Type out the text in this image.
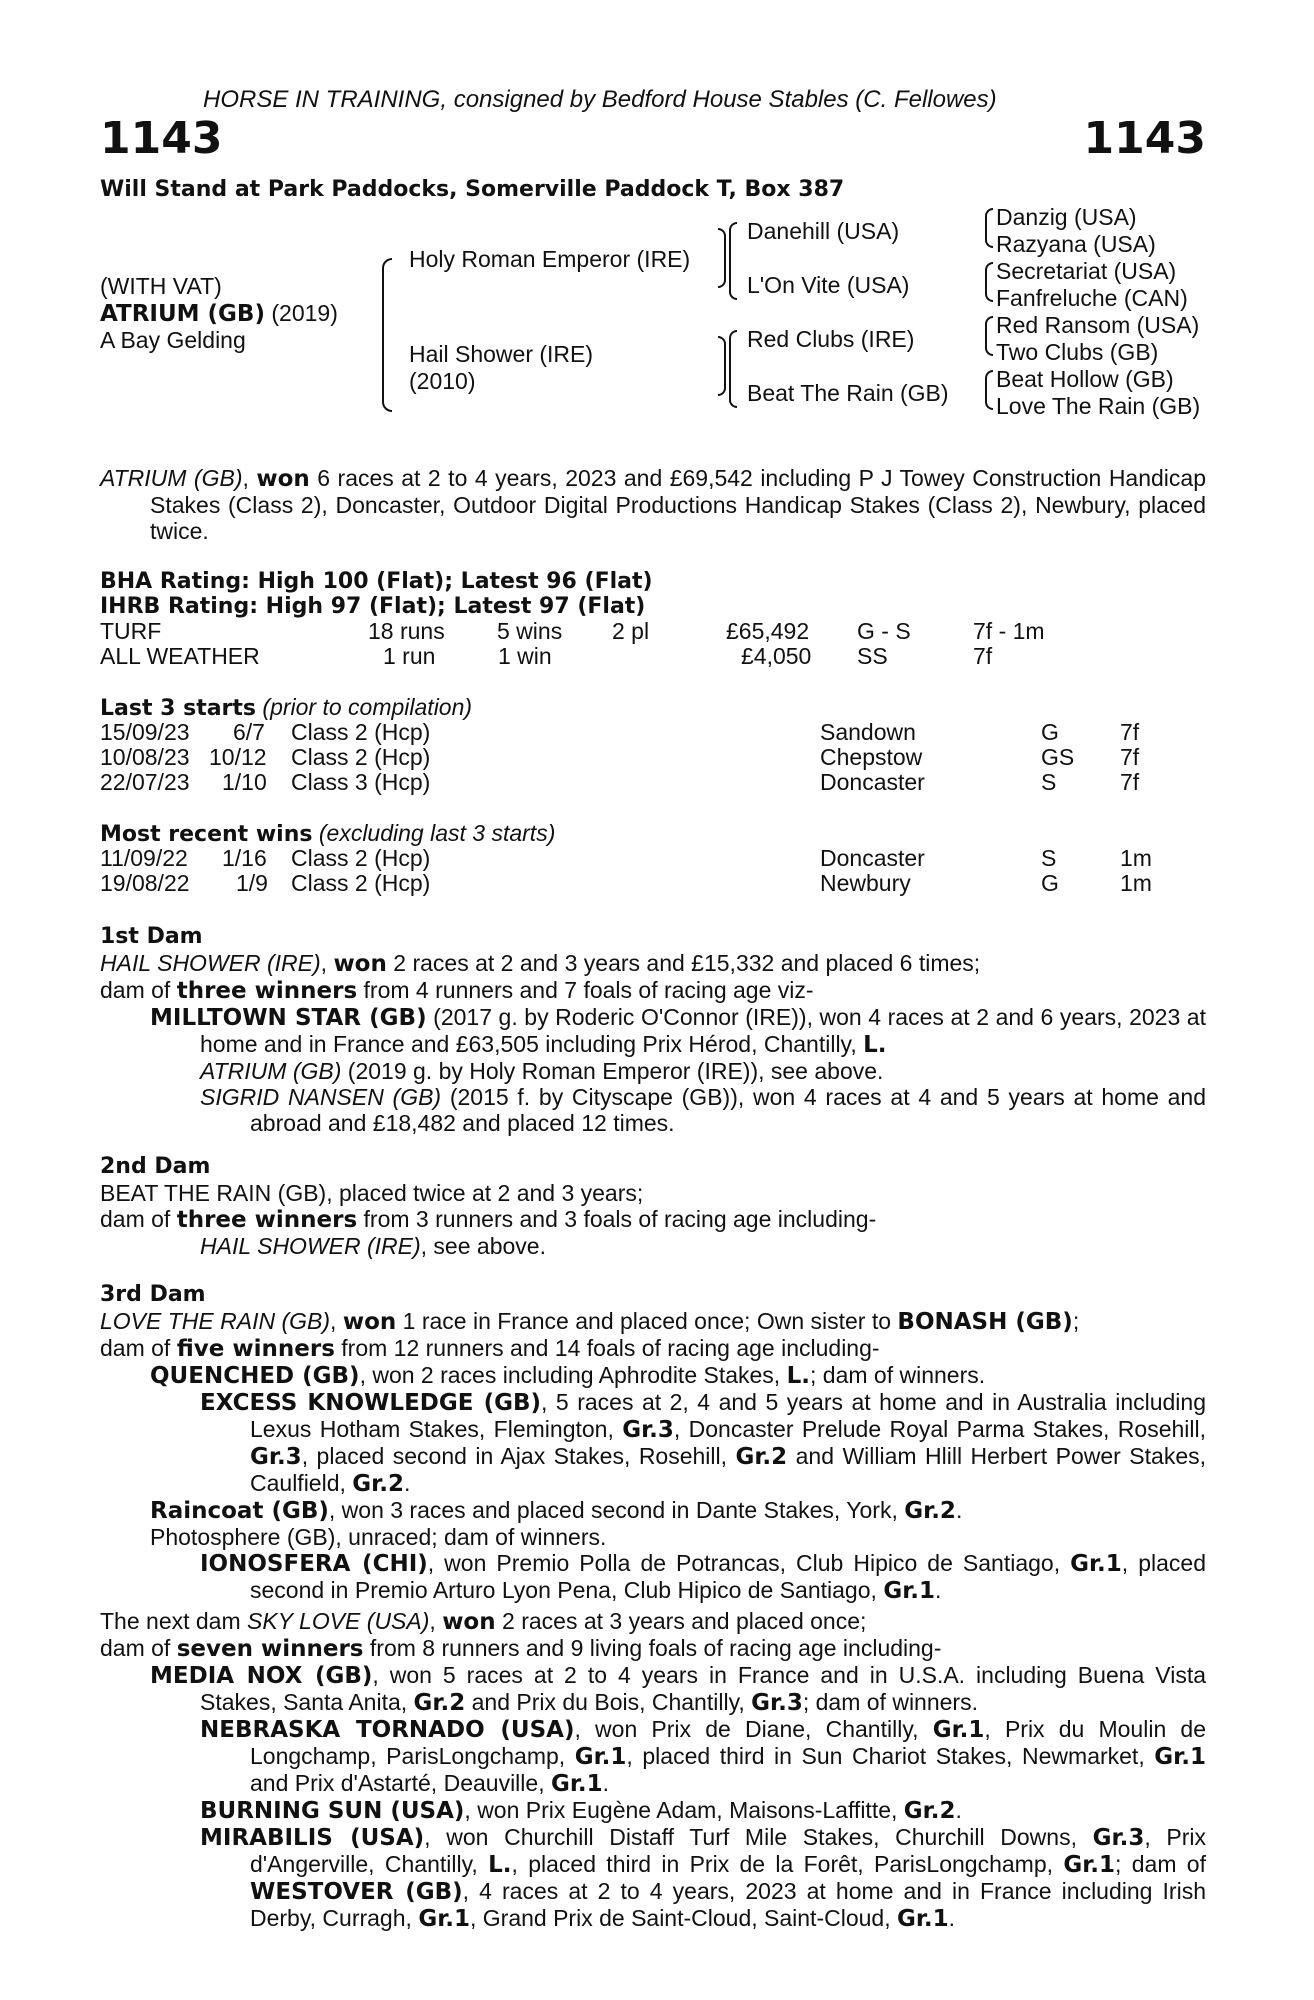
HORSE IN TRAINING, consigned by Bedford House Stables (C. Fellowes)
1143	1143
Will Stand at Park Paddocks, Somerville Paddock T, Box 387
(WITH VAT)
ATRIUM (GB) (2019)
A Bay Gelding
Holy Roman Emperor (IRE)
Hail Shower (IRE)
(2010)
Danehill (USA)
L'On Vite (USA)
Red Clubs (IRE)
Beat The Rain (GB)
Danzig (USA)
Razyana (USA)
Secretariat (USA)
Fanfreluche (CAN)
Red Ransom (USA)
Two Clubs (GB)
Beat Hollow (GB)
Love The Rain (GB)

ATRIUM (GB), won 6 races at 2 to 4 years, 2023 and £69,542 including P J Towey Construction Handicap Stakes (Class 2), Doncaster, Outdoor Digital Productions Handicap Stakes (Class 2), Newbury, placed twice.

BHA Rating: High 100 (Flat); Latest 96 (Flat)
IHRB Rating: High 97 (Flat); Latest 97 (Flat)
TURF	18 runs 5 wins 2 pl	£65,492 G - S	7f - 1m
ALL WEATHER	1 run	1 win	£4,050 SS	7f
Last 3 starts (prior to compilation)
15/09/23 6/7 Class 2 (Hcp)	Sandown	G	7f
10/08/23 10/12 Class 2 (Hcp)	Chepstow	GS 7f
22/07/23 1/10 Class 3 (Hcp)	Doncaster	S	7f
Most recent wins (excluding last 3 starts)
11/09/22 1/16 Class 2 (Hcp)	Doncaster	S	1m
19/08/22 1/9 Class 2 (Hcp)	Newbury	G	1m

1st Dam

HAIL SHOWER (IRE), won 2 races at 2 and 3 years and £15,332 and placed 6 times;

dam of three winners from 4 runners and 7 foals of racing age viz-

MILLTOWN STAR (GB) (2017 g. by Roderic O'Connor (IRE)), won 4 races at 2 and 6 years, 2023 at home and in France and £63,505 including Prix Hérod, Chantilly, L.

ATRIUM (GB) (2019 g. by Holy Roman Emperor (IRE)), see above.

SIGRID NANSEN (GB) (2015 f. by Cityscape (GB)), won 4 races at 4 and 5 years at home and abroad and £18,482 and placed 12 times.

2nd Dam

BEAT THE RAIN (GB), placed twice at 2 and 3 years;

dam of three winners from 3 runners and 3 foals of racing age including-

HAIL SHOWER (IRE), see above.

3rd Dam

LOVE THE RAIN (GB), won 1 race in France and placed once; Own sister to BONASH (GB);

dam of five winners from 12 runners and 14 foals of racing age including-

QUENCHED (GB), won 2 races including Aphrodite Stakes, L.; dam of winners.

EXCESS KNOWLEDGE (GB), 5 races at 2, 4 and 5 years at home and in Australia including Lexus Hotham Stakes, Flemington, Gr.3, Doncaster Prelude Royal Parma Stakes, Rosehill, Gr.3, placed second in Ajax Stakes, Rosehill, Gr.2 and William Hlill Herbert Power Stakes, Caulfield, Gr.2.

Raincoat (GB), won 3 races and placed second in Dante Stakes, York, Gr.2.

Photosphere (GB), unraced; dam of winners.

IONOSFERA (CHI), won Premio Polla de Potrancas, Club Hipico de Santiago, Gr.1, placed second in Premio Arturo Lyon Pena, Club Hipico de Santiago, Gr.1.

The next dam SKY LOVE (USA), won 2 races at 3 years and placed once;

dam of seven winners from 8 runners and 9 living foals of racing age including-

MEDIA NOX (GB), won 5 races at 2 to 4 years in France and in U.S.A. including Buena Vista Stakes, Santa Anita, Gr.2 and Prix du Bois, Chantilly, Gr.3; dam of winners.

NEBRASKA TORNADO (USA), won Prix de Diane, Chantilly, Gr.1, Prix du Moulin de Longchamp, ParisLongchamp, Gr.1, placed third in Sun Chariot Stakes, Newmarket, Gr.1 and Prix d'Astarté, Deauville, Gr.1.

BURNING SUN (USA), won Prix Eugène Adam, Maisons-Laffitte, Gr.2.

MIRABILIS (USA), won Churchill Distaff Turf Mile Stakes, Churchill Downs, Gr.3, Prix d'Angerville, Chantilly, L., placed third in Prix de la Forêt, ParisLongchamp, Gr.1; dam of WESTOVER (GB), 4 races at 2 to 4 years, 2023 at home and in France including Irish Derby, Curragh, Gr.1, Grand Prix de Saint-Cloud, Saint-Cloud, Gr.1.
